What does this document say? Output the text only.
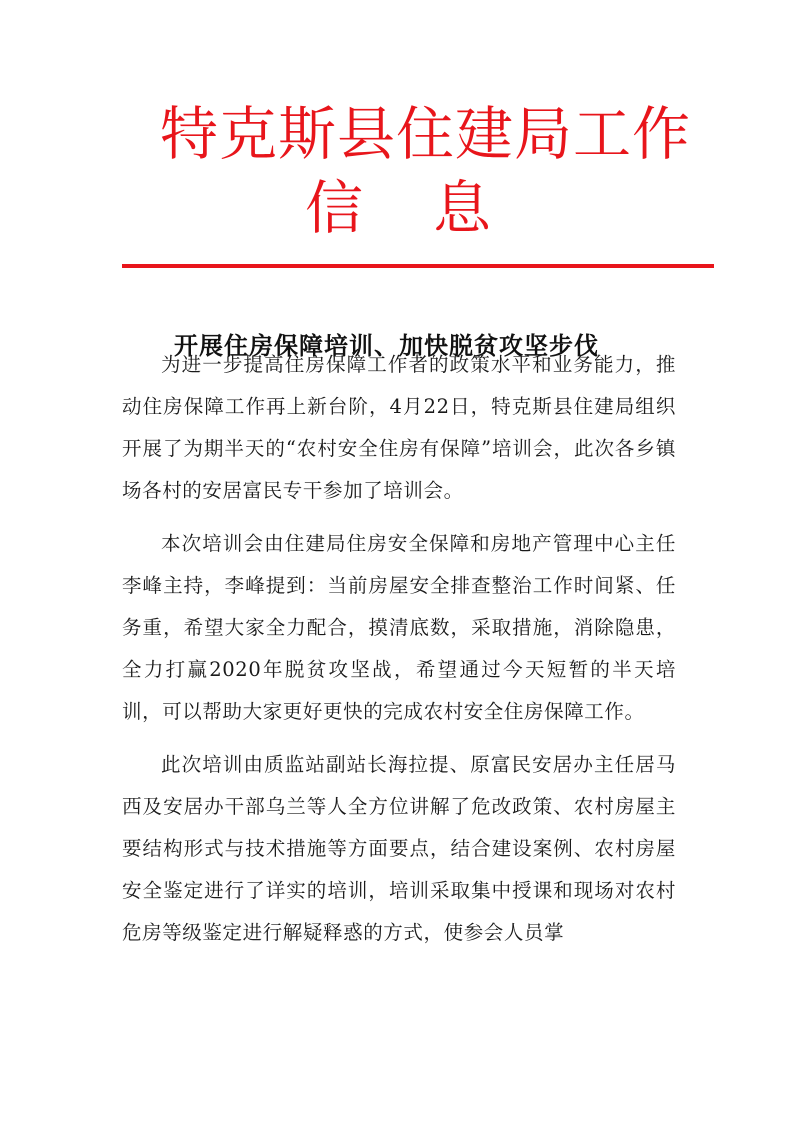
特克斯县住建局工作
信 息
开展住房保障培训、加快脱贫攻坚步伐

为进一步提高住房保障工作者的政策水平和业务能力，推动住房保障工作再上新台阶，4月22日，特克斯县住建局组织开展了为期半天的“农村安全住房有保障”培训会，此次各乡镇场各村的安居富民专干参加了培训会。

本次培训会由住建局住房安全保障和房地产管理中心主任李峰主持，李峰提到：当前房屋安全排查整治工作时间紧、任务重，希望大家全力配合，摸清底数，采取措施，消除隐患，全力打赢2020年脱贫攻坚战，希望通过今天短暂的半天培训，可以帮助大家更好更快的完成农村安全住房保障工作。

此次培训由质监站副站长海拉提、原富民安居办主任居马西及安居办干部乌兰等人全方位讲解了危改政策、农村房屋主要结构形式与技术措施等方面要点，结合建设案例、农村房屋安全鉴定进行了详实的培训，培训采取集中授课和现场对农村危房等级鉴定进行解疑释惑的方式，使参会人员掌
